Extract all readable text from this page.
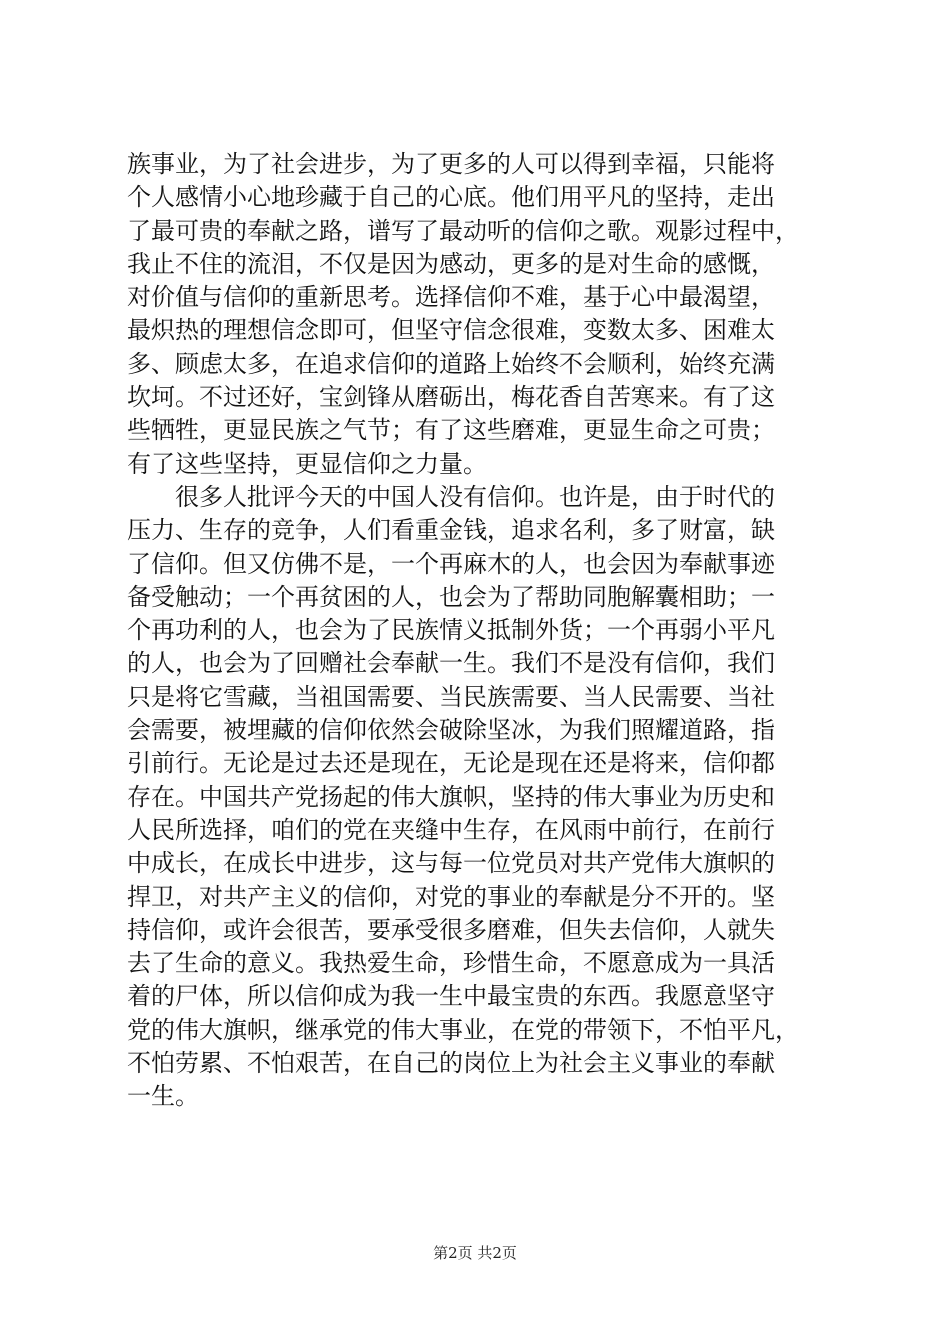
族事业，为了社会进步，为了更多的人可以得到幸福，只能将
个人感情小心地珍藏于自己的心底。他们用平凡的坚持，走出
了最可贵的奉献之路，谱写了最动听的信仰之歌。观影过程中，
我止不住的流泪，不仅是因为感动，更多的是对生命的感慨，
对价值与信仰的重新思考。选择信仰不难，基于心中最渴望，
最炽热的理想信念即可，但坚守信念很难，变数太多、困难太
多、顾虑太多，在追求信仰的道路上始终不会顺利，始终充满
坎坷。不过还好，宝剑锋从磨砺出，梅花香自苦寒来。有了这
些牺牲，更显民族之气节；有了这些磨难，更显生命之可贵；
有了这些坚持，更显信仰之力量。
　　很多人批评今天的中国人没有信仰。也许是，由于时代的
压力、生存的竞争，人们看重金钱，追求名利，多了财富，缺
了信仰。但又仿佛不是，一个再麻木的人，也会因为奉献事迹
备受触动；一个再贫困的人，也会为了帮助同胞解囊相助；一
个再功利的人，也会为了民族情义抵制外货；一个再弱小平凡
的人，也会为了回赠社会奉献一生。我们不是没有信仰，我们
只是将它雪藏，当祖国需要、当民族需要、当人民需要、当社
会需要，被埋藏的信仰依然会破除坚冰，为我们照耀道路，指
引前行。无论是过去还是现在，无论是现在还是将来，信仰都
存在。中国共产党扬起的伟大旗帜，坚持的伟大事业为历史和
人民所选择，咱们的党在夹缝中生存，在风雨中前行，在前行
中成长，在成长中进步，这与每一位党员对共产党伟大旗帜的
捍卫，对共产主义的信仰，对党的事业的奉献是分不开的。坚
持信仰，或许会很苦，要承受很多磨难，但失去信仰，人就失
去了生命的意义。我热爱生命，珍惜生命，不愿意成为一具活
着的尸体，所以信仰成为我一生中最宝贵的东西。我愿意坚守
党的伟大旗帜，继承党的伟大事业，在党的带领下，不怕平凡，
不怕劳累、不怕艰苦，在自己的岗位上为社会主义事业的奉献
一生。
第2页 共2页
